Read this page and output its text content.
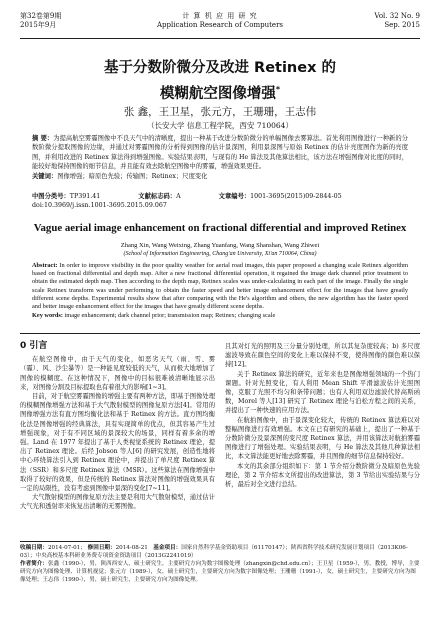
第32卷第9期
2015年9月
计 算 机 应 用 研 究
Application Research of Computers
Vol. 32 No. 9
Sep. 2015
基于分数阶微分及改进 Retinex 的
模糊航空图像增强*
张 鑫，王卫星，张元方，王珊珊，王志伟
（长安大学 信息工程学院，西安 710064）
摘 要：为提高航空雾霾图像中不良天气中的清晰度，提出一种基于改进分数阶微分的单幅图像去雾算法。首先利用图像进行一种新的分数阶微分提取图像的边缘，并通过对雾霾图像的分析得到图像的估计景深图，利用景深图与原始 Retinex 的估计亮度图作为新的亮度图，并利用改进的 Retinex 算法得到增强图像。实验结果表明，与现有的 He 算法及其他算法相比，该方法在增强图像对比度的同时，能较好地保持图像的细节信息，并且能有效去除航空图像中的雾霾，增强效果更佳。
关键词：图像增强；暗原色先验；传输图；Retinex；尺度变化
中图分类号：TP391.41	文献标志码：A	文章编号：1001-3695(2015)09-2844-05
doi:10.3969/j.issn.1001-3695.2015.09.067
Vague aerial image enhancement on fractional differential and improved Retinex
Zhang Xin, Wang Weixing, Zhang Yuanfang, Wang Shanshan, Wang Zhiwei
(School of Information Engineering, Chang'an University, Xi'an 710064, China)
Abstract: In order to improve visibility in the poor quality weather for aerial road images, this paper proposed a changing scale Retinex algorithm based on fractional differential and depth map. After a new fractional differential operation, it regained the image dark channel prior treatment to obtain the estimated depth map. Then according to the depth map, Retinex scales was under-calculating in each part of the image. Finally the single scale Retinex transform was under performing to obtain the faster speed and better image enhancement effect for the images that have greatly different scene depths. Experimental results show that after comparing with the He's algorithm and others, the new algorithm has the faster speed and better image enhancement effect for the images that have greatly different scene depths.
Key words: image enhancement; dark channel prior; transmission map; Retinex; changing scale
0 引言

在航空图像中，由于天气的变化，如恶劣天气（雨、雪、雾（霾）、风、沙尘暴等）是一种能见度较低的天气，从而极大地增加了图像的模糊度。在这种情况下，图像中的目标很难被清晰地显示出来，对图像分割及目标提取也有着很大的影响[1~3]。

目前，对于航空雾霾图像的增强主要有两种方法，即基于图像处理的模糊图像增强方法和基于大气散射模型的图像复原方法[4]。常用的图像增强方法有直方图均衡化法和基于 Retinex 的方法。直方图均衡化法是图像增强的经典算法，具有实现简单的优点，但其容易产生过增强现象，对于有不同区域的景深较大的场景，同样有着多余的增强。Land 在 1977 年提出了基于人类视觉系统的 Retinex 理论，提出了 Retinex 理论。后经 Jobson 等人[6] 的研究发展，创造性地将中心环绕算法引入到 Retinex 理论中，并提出了单尺度 Retinex 算法（SSR）和多尺度 Retinex 算法（MSR）。这些算法在图像增强中取得了较好的效果，但是传统的 Retinex 算法对图像的增强效果具有一定的局限性，没有考虑到图像中景深的变化[7~11]。

大气散射模型的图像复原方法主要是利用大气散射模型，通过估计大气光和透射率来恢复出清晰的无雾图像。

且其对灯光的照明及三分量分别处理，所以其复杂度较高；b) 多尺度滤波导致在颜色空间的变化上难以保持不变，使得图像的颜色难以保持[12]。

关于 Retinex 算法的研究，近年来也是图像增强领域的一个热门课题。针对光照变化，有人利用 Mean Shift 平滑滤波估计光照图像，克服了光照不均匀和条带问题；也有人利用双边滤波代替高斯函数，Morel 等人[13] 研究了 Retinex 理论与泊松方程之间的关系，并提出了一种快速的应用方法。

在航拍图像中，由于景深变化较大，传统的 Retinex 算法难以对整幅图像进行有效增强。本文在已有研究的基础上，提出了一种基于分数阶微分及景深图的变尺度 Retinex 算法，并用该算法对航拍雾霾图像进行了增强处理。实验结果表明，与 He 算法及其他几种算法相比，本文算法能更好地去除雾霾，并且图像的细节信息保持较好。

本文的其余部分组织如下：第 1 节介绍分数阶微分及暗原色先验理论，第 2 节介绍本文所提出的改进算法，第 3 节给出实验结果与分析，最后对全文进行总结。

收稿日期：2014-07-01； 修回日期：2014-08-21 基金项目：国家自然科学基金资助项目（61170147）；陕西省科学技术研究发展计划项目（2013K06-03）；中央高校基本科研业务费专项资金资助项目（2013G2241019）
作者简介：张鑫（1990-），男，陕西西安人，硕士研究生，主要研究方向为数字图像处理（zhangxin@chd.edu.cn）；王卫星（1959-），男，教授，博导，主要研究方向为图像处理、计算机视觉；张元方（1989-），女，硕士研究生，主要研究方向为数字图像处理；王珊珊（1991-），女，硕士研究生，主要研究方向为图像处理；王志伟（1990-），男，硕士研究生，主要研究方向为图像处理。
